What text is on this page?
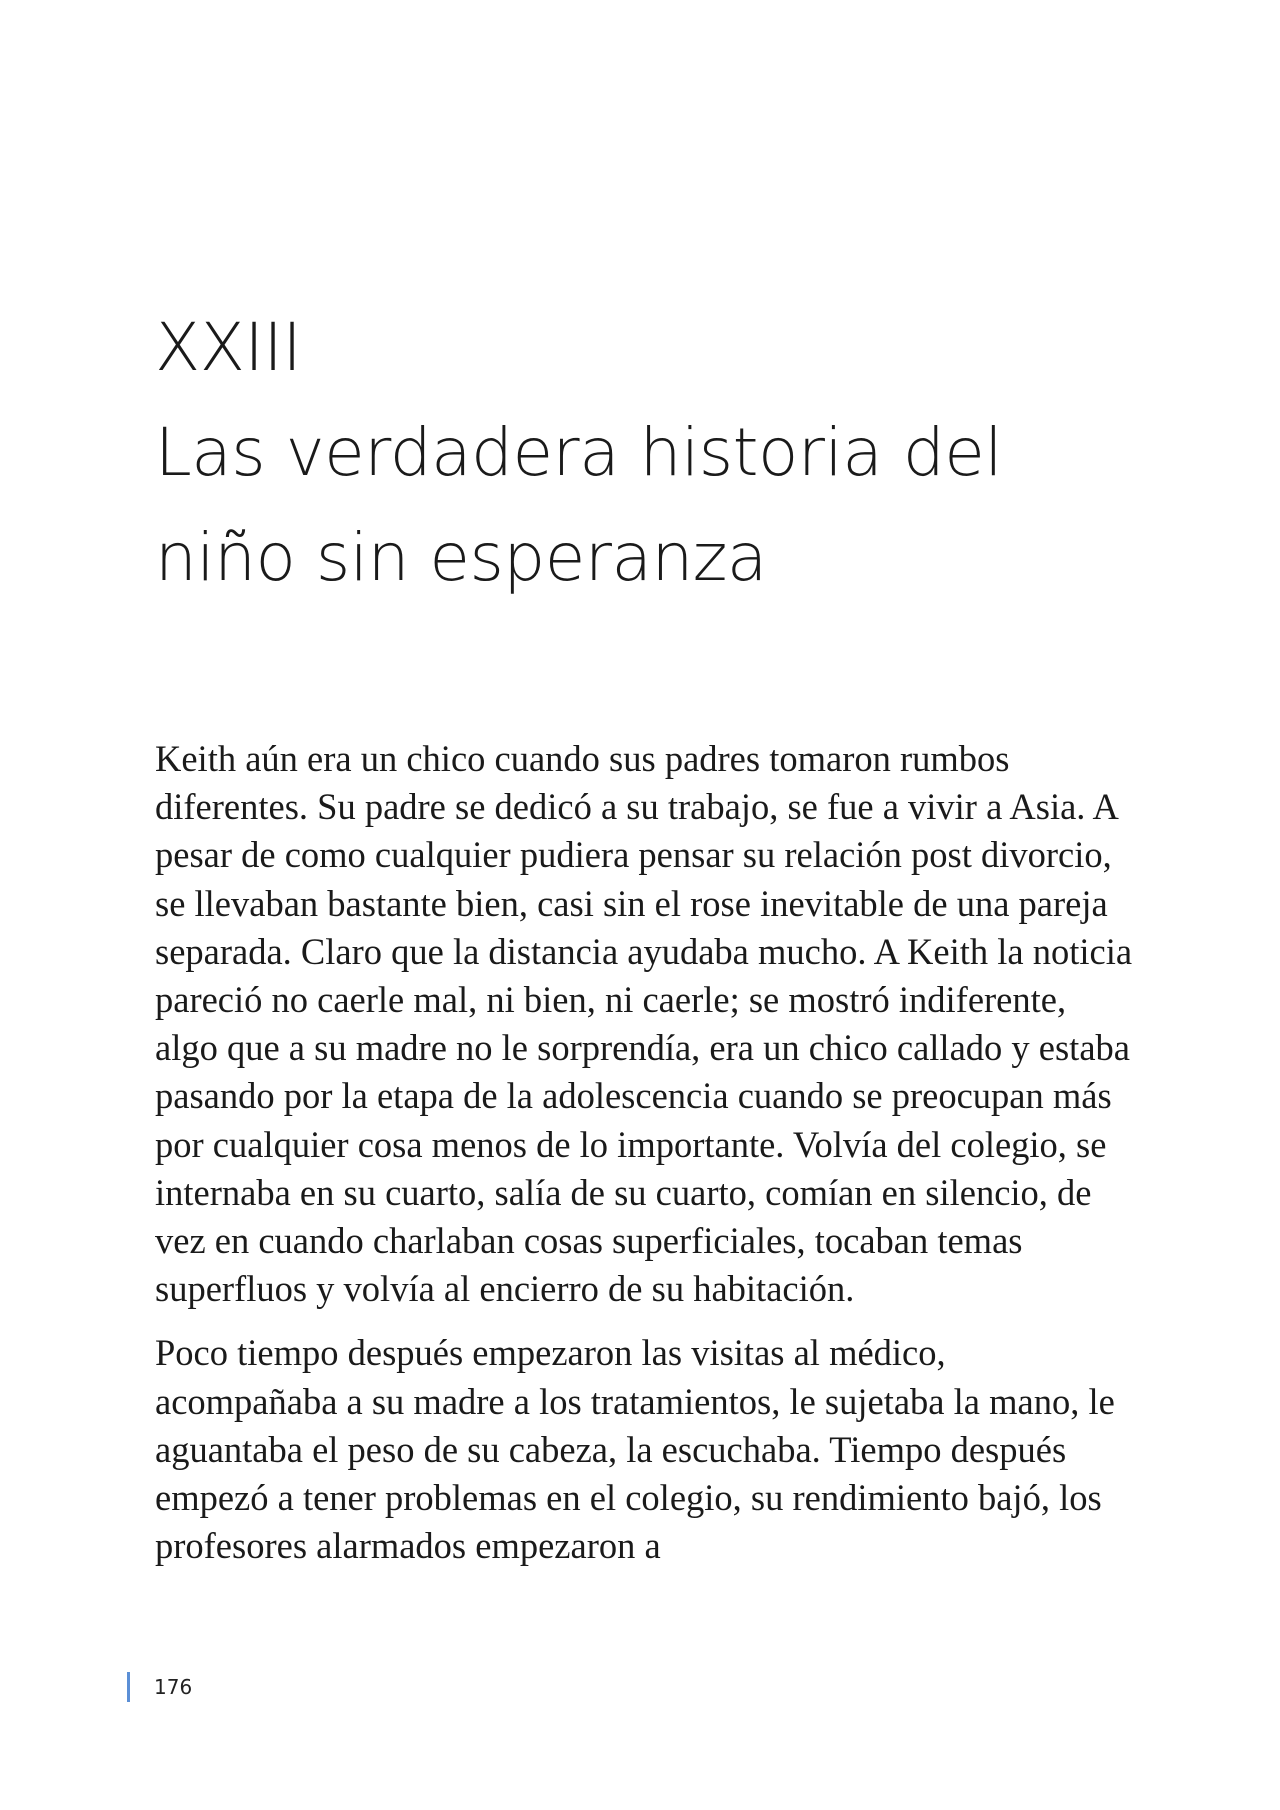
XXIII
Las verdadera historia del
niño sin esperanza

Keith aún era un chico cuando sus padres tomaron rumbos diferentes. Su padre se dedicó a su trabajo, se fue a vivir a Asia. A pesar de como cualquier pudiera pensar su relación post divorcio, se llevaban bastante bien, casi sin el rose inevitable de una pareja separada. Claro que la distancia ayudaba mucho. A Keith la noticia pareció no caerle mal, ni bien, ni caerle; se mostró indiferente, algo que a su madre no le sorprendía, era un chico callado y estaba pasando por la etapa de la adolescencia cuando se preocupan más por cualquier cosa menos de lo importante. Volvía del colegio, se internaba en su cuarto, salía de su cuarto, comían en silencio, de vez en cuando charlaban cosas superficiales, tocaban temas superfluos y volvía al encierro de su habitación.

Poco tiempo después empezaron las visitas al médico, acompañaba a su madre a los tratamientos, le sujetaba la mano, le aguantaba el peso de su cabeza, la escuchaba. Tiempo después empezó a tener problemas en el colegio, su rendimiento bajó, los profesores alarmados empezaron a

176
